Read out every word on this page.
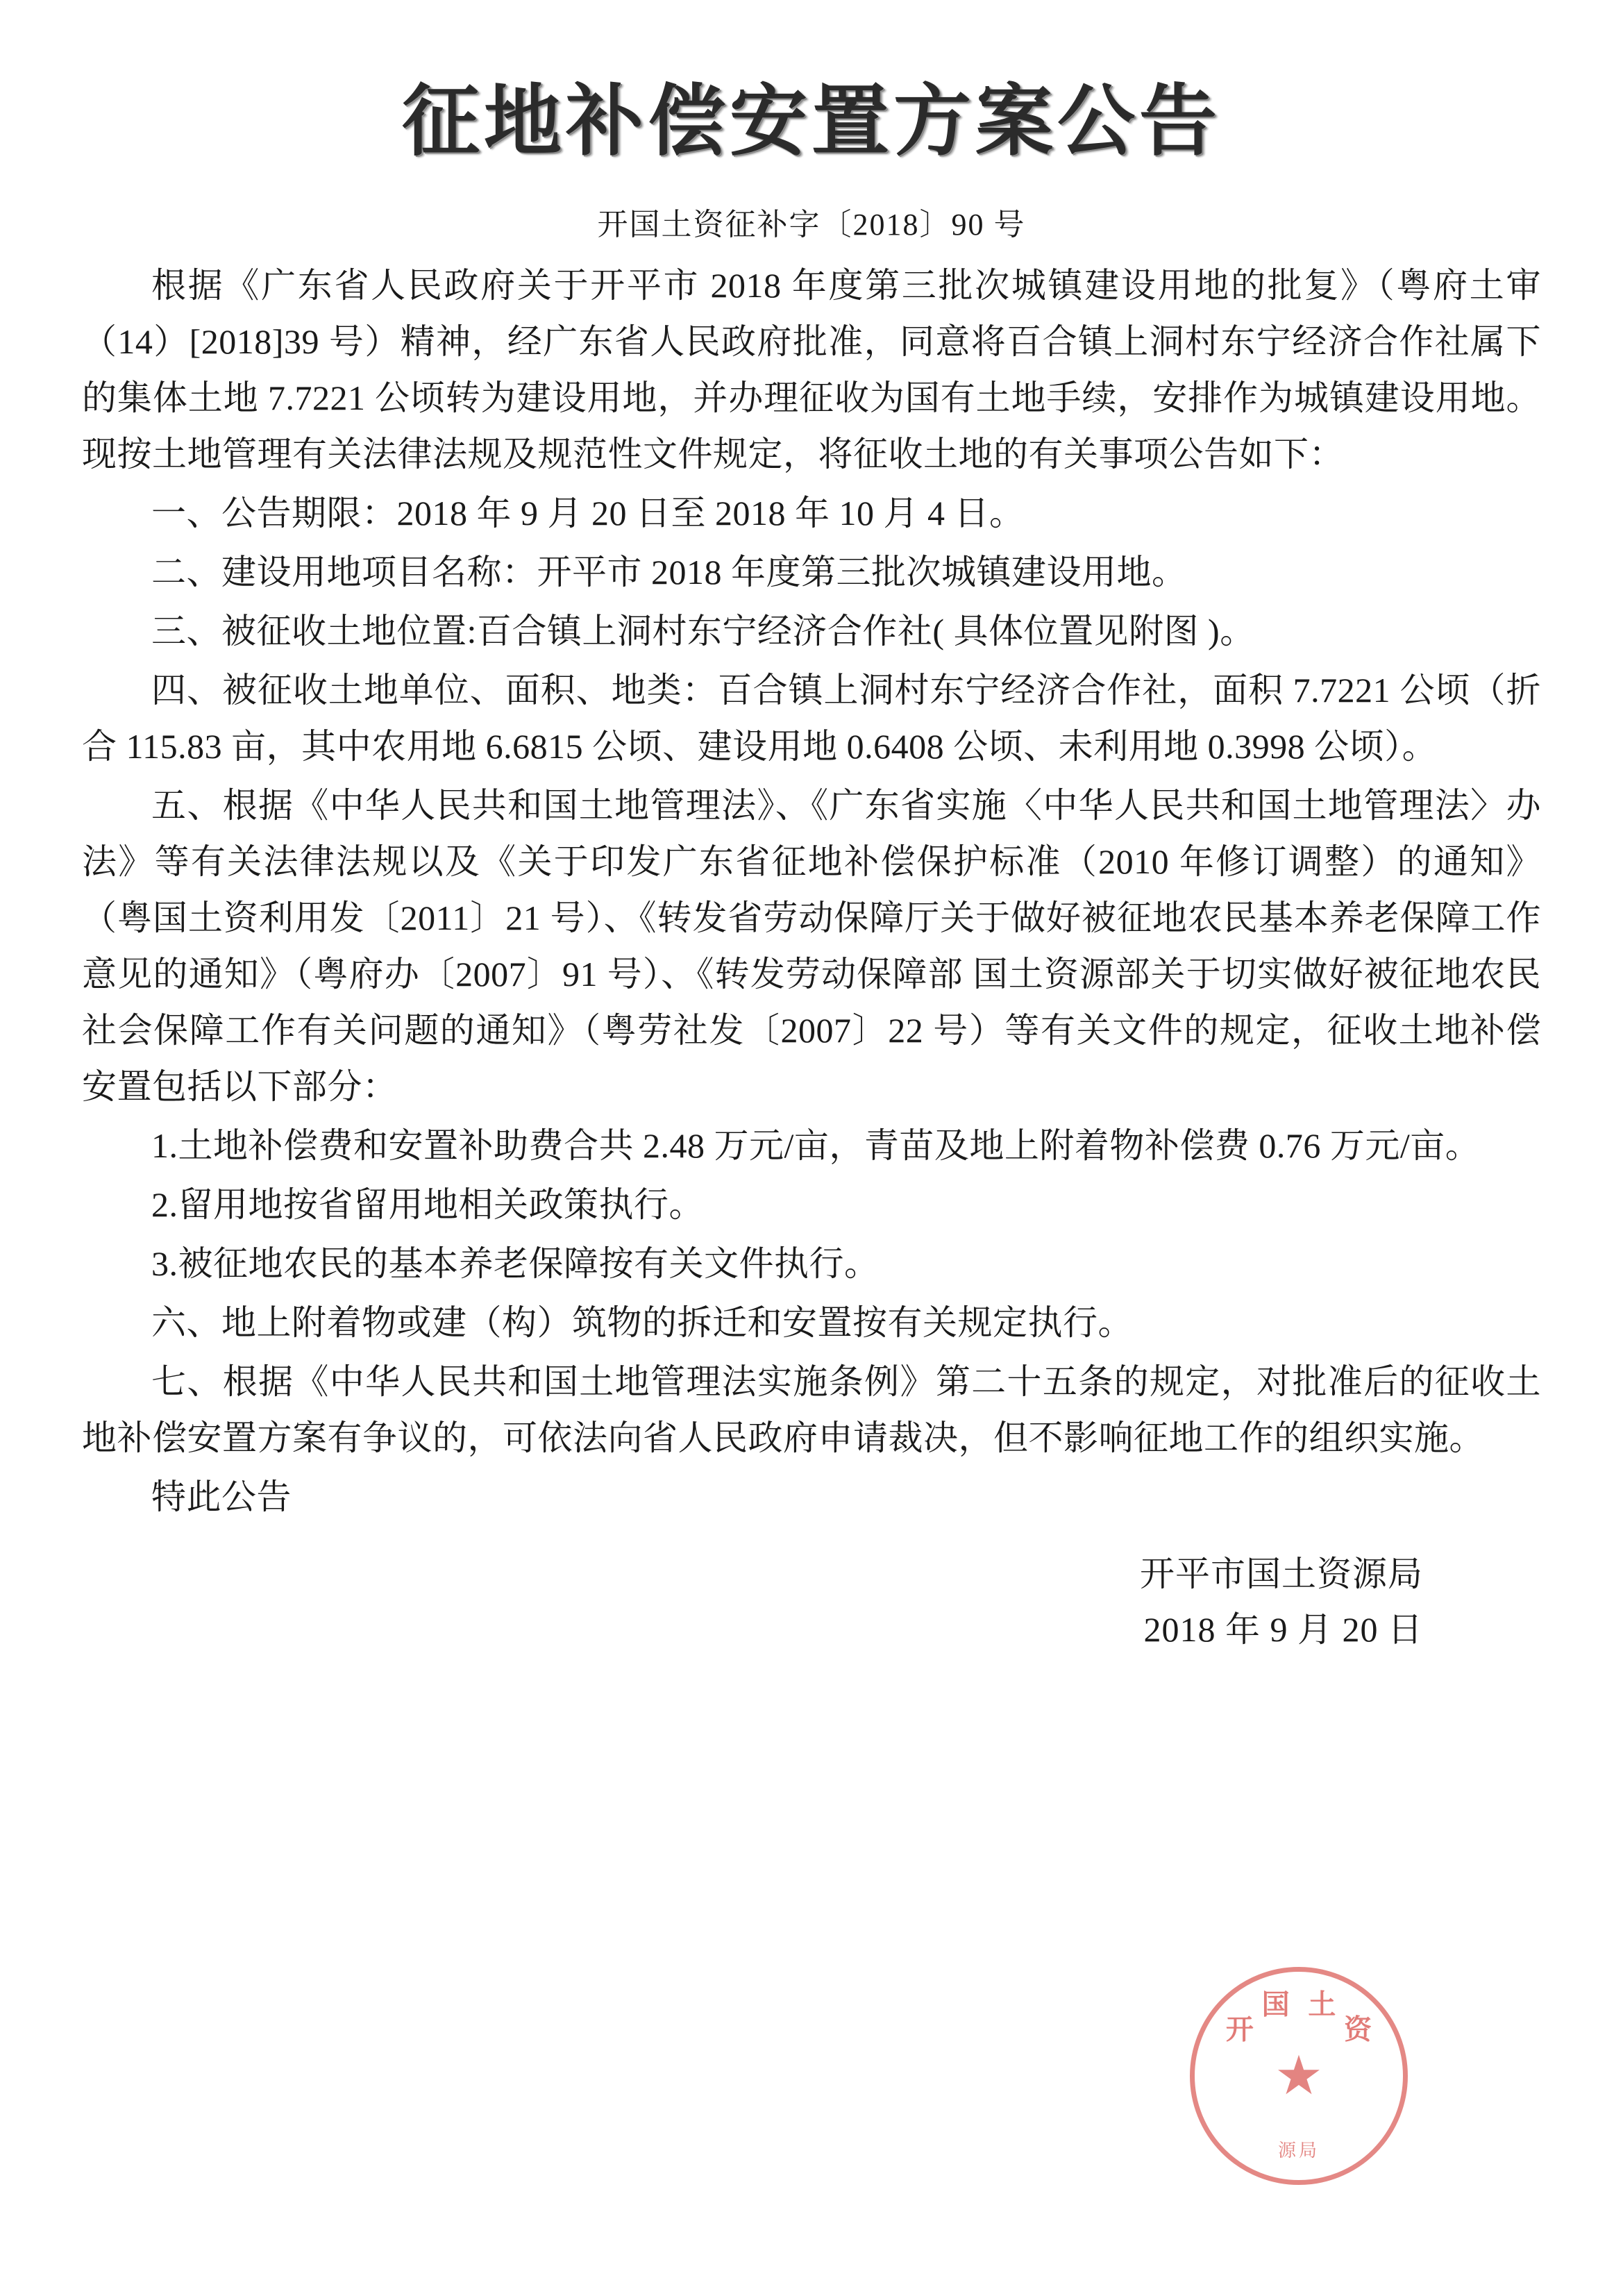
征地补偿安置方案公告
开国土资征补字〔2018〕90 号

根据《广东省人民政府关于开平市 2018 年度第三批次城镇建设用地的批复》（粤府土审（14）[2018]39 号）精神，经广东省人民政府批准，同意将百合镇上洞村东宁经济合作社属下的集体土地 7.7221 公顷转为建设用地，并办理征收为国有土地手续，安排作为城镇建设用地。现按土地管理有关法律法规及规范性文件规定，将征收土地的有关事项公告如下：

一、公告期限：2018 年 9 月 20 日至 2018 年 10 月 4 日。

二、建设用地项目名称：开平市 2018 年度第三批次城镇建设用地。

三、被征收土地位置:百合镇上洞村东宁经济合作社( 具体位置见附图 )。

四、被征收土地单位、面积、地类：百合镇上洞村东宁经济合作社，面积 7.7221 公顷（折合 115.83 亩，其中农用地 6.6815 公顷、建设用地 0.6408 公顷、未利用地 0.3998 公顷）。

五、根据《中华人民共和国土地管理法》、《广东省实施〈中华人民共和国土地管理法〉办法》等有关法律法规以及《关于印发广东省征地补偿保护标准（2010 年修订调整）的通知》（粤国土资利用发〔2011〕21 号）、《转发省劳动保障厅关于做好被征地农民基本养老保障工作意见的通知》（粤府办〔2007〕91 号）、《转发劳动保障部 国土资源部关于切实做好被征地农民社会保障工作有关问题的通知》（粤劳社发〔2007〕22 号）等有关文件的规定，征收土地补偿安置包括以下部分：

1.土地补偿费和安置补助费合共 2.48 万元/亩，青苗及地上附着物补偿费 0.76 万元/亩。

2.留用地按省留用地相关政策执行。

3.被征地农民的基本养老保障按有关文件执行。

六、地上附着物或建（构）筑物的拆迁和安置按有关规定执行。

七、根据《中华人民共和国土地管理法实施条例》第二十五条的规定，对批准后的征收土地补偿安置方案有争议的，可依法向省人民政府申请裁决，但不影响征地工作的组织实施。

特此公告

开平市国土资源局
2018 年 9 月 20 日
开
国 土
资
★
源局
